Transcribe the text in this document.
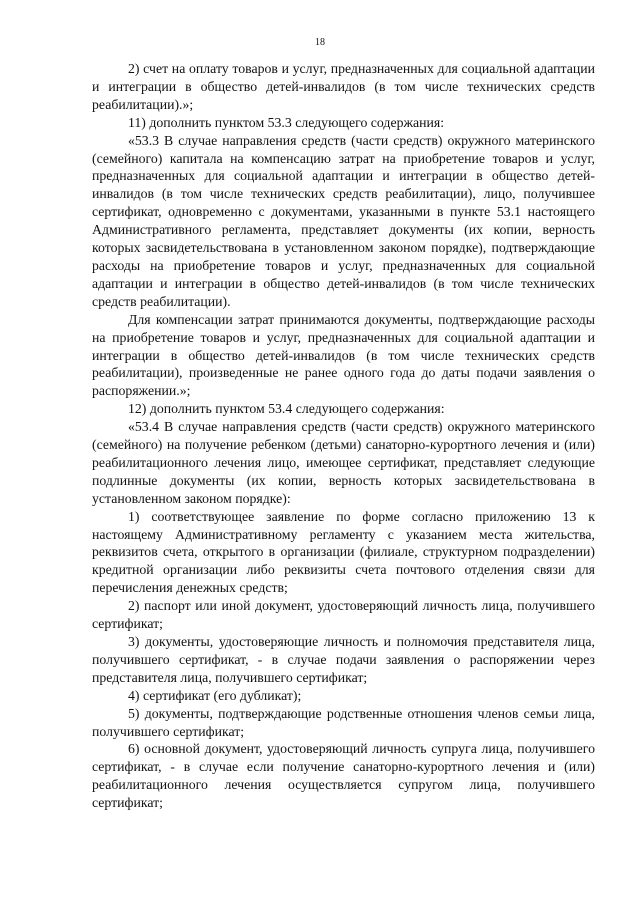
18

2) счет на оплату товаров и услуг, предназначенных для социальной адаптации и интеграции в общество детей-инвалидов (в том числе технических средств реабилитации).»;

11) дополнить пунктом 53.3 следующего содержания:

«53.3 В случае направления средств (части средств) окружного материнского (семейного) капитала на компенсацию затрат на приобретение товаров и услуг, предназначенных для социальной адаптации и интеграции в общество детей-инвалидов (в том числе технических средств реабилитации), лицо, получившее сертификат, одновременно с документами, указанными в пункте 53.1 настоящего Административного регламента, представляет документы (их копии, верность которых засвидетельствована в установленном законом порядке), подтверждающие расходы на приобретение товаров и услуг, предназначенных для социальной адаптации и интеграции в общество детей-инвалидов (в том числе технических средств реабилитации).

Для компенсации затрат принимаются документы, подтверждающие расходы на приобретение товаров и услуг, предназначенных для социальной адаптации и интеграции в общество детей-инвалидов (в том числе технических средств реабилитации), произведенные не ранее одного года до даты подачи заявления о распоряжении.»;

12) дополнить пунктом 53.4 следующего содержания:

«53.4 В случае направления средств (части средств) окружного материнского (семейного) на получение ребенком (детьми) санаторно-курортного лечения и (или) реабилитационного лечения лицо, имеющее сертификат, представляет следующие подлинные документы (их копии, верность которых засвидетельствована в установленном законом порядке):

1) соответствующее заявление по форме согласно приложению 13 к настоящему Административному регламенту с указанием места жительства, реквизитов счета, открытого в организации (филиале, структурном подразделении) кредитной организации либо реквизиты счета почтового отделения связи для перечисления денежных средств;

2) паспорт или иной документ, удостоверяющий личность лица, получившего сертификат;

3) документы, удостоверяющие личность и полномочия представителя лица, получившего сертификат, - в случае подачи заявления о распоряжении через представителя лица, получившего сертификат;

4) сертификат (его дубликат);

5) документы, подтверждающие родственные отношения членов семьи лица, получившего сертификат;

6) основной документ, удостоверяющий личность супруга лица, получившего сертификат, - в случае если получение санаторно-курортного лечения и (или) реабилитационного лечения осуществляется супругом лица, получившего сертификат;
